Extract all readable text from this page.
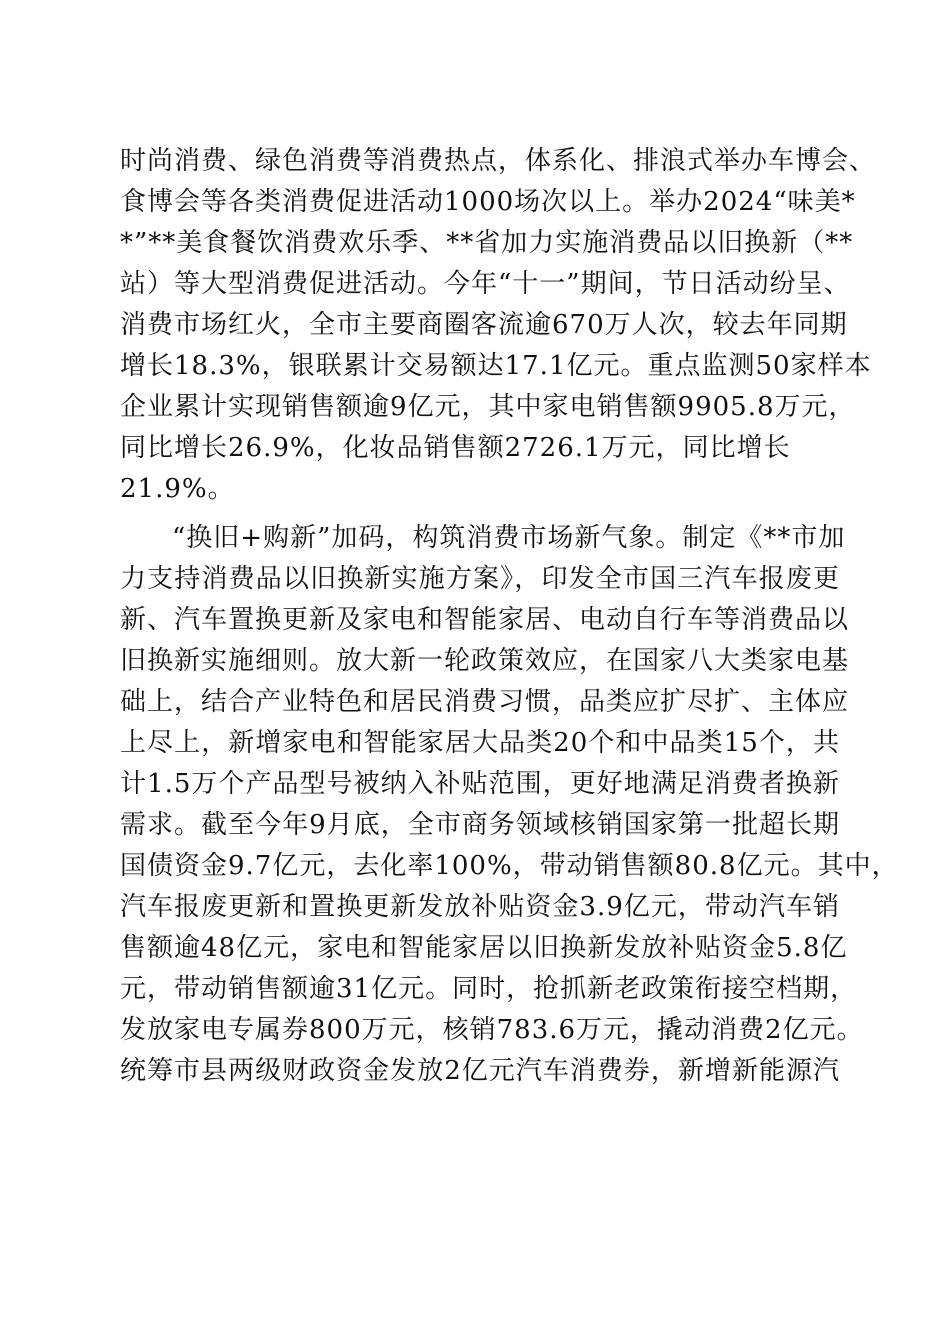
时尚消费、绿色消费等消费热点，体系化、排浪式举办车博会、
食博会等各类消费促进活动1000场次以上。举办2024“味美*
*”**美食餐饮消费欢乐季、**省加力实施消费品以旧换新（**
站）等大型消费促进活动。今年“十一”期间，节日活动纷呈、
消费市场红火，全市主要商圈客流逾670万人次，较去年同期
增长18.3%，银联累计交易额达17.1亿元。重点监测50家样本
企业累计实现销售额逾9亿元，其中家电销售额9905.8万元，
同比增长26.9%，化妆品销售额2726.1万元，同比增长
21.9%。
“换旧+购新”加码，构筑消费市场新气象。制定《**市加
力支持消费品以旧换新实施方案》，印发全市国三汽车报废更
新、汽车置换更新及家电和智能家居、电动自行车等消费品以
旧换新实施细则。放大新一轮政策效应，在国家八大类家电基
础上，结合产业特色和居民消费习惯，品类应扩尽扩、主体应
上尽上，新增家电和智能家居大品类20个和中品类15个，共
计1.5万个产品型号被纳入补贴范围，更好地满足消费者换新
需求。截至今年9月底，全市商务领域核销国家第一批超长期
国债资金9.7亿元，去化率100%，带动销售额80.8亿元。其中，
汽车报废更新和置换更新发放补贴资金3.9亿元，带动汽车销
售额逾48亿元，家电和智能家居以旧换新发放补贴资金5.8亿
元，带动销售额逾31亿元。同时，抢抓新老政策衔接空档期，
发放家电专属券800万元，核销783.6万元，撬动消费2亿元。
统筹市县两级财政资金发放2亿元汽车消费券，新增新能源汽
